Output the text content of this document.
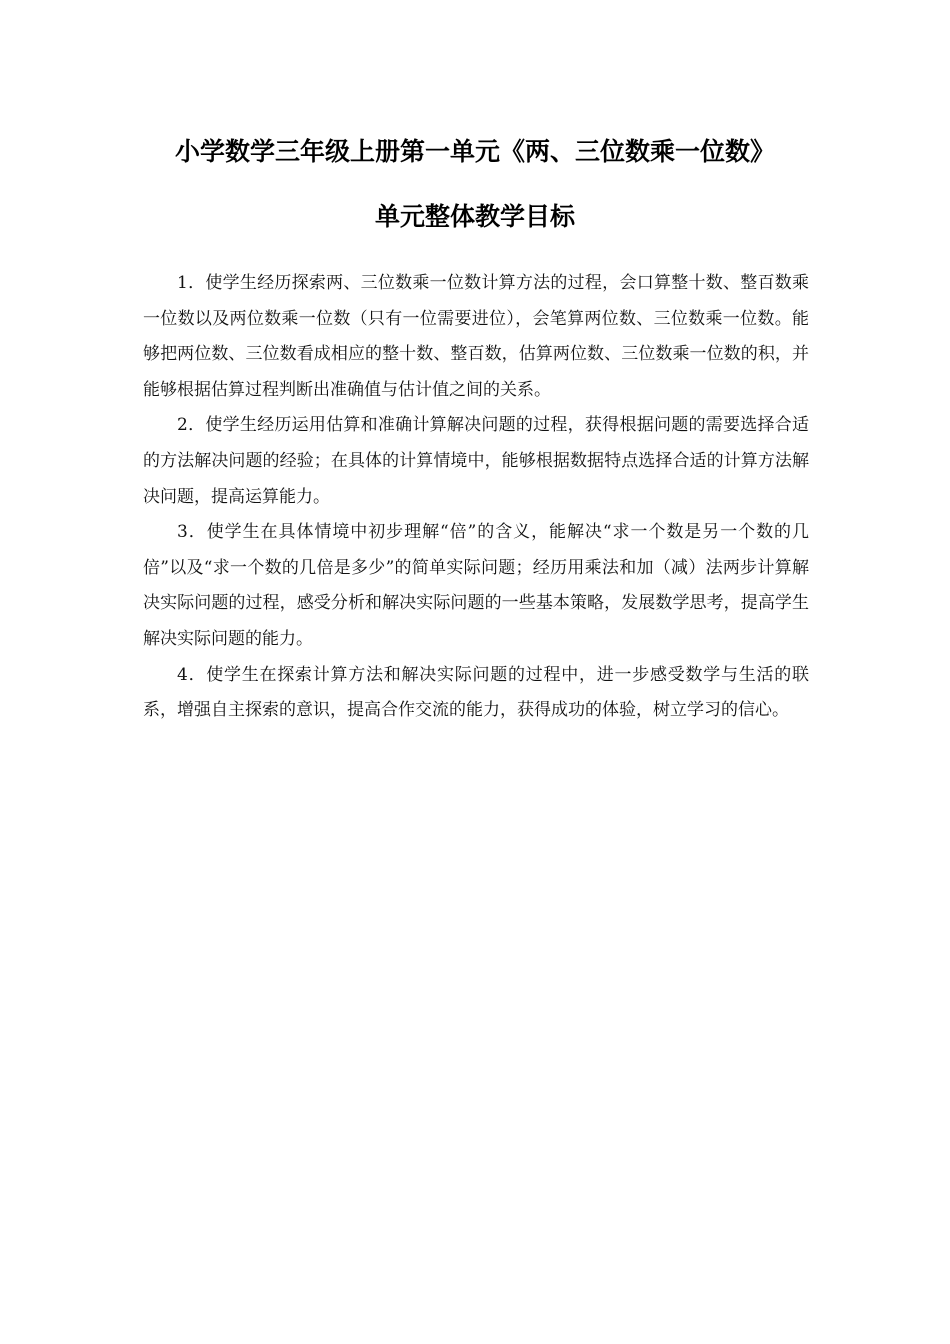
小学数学三年级上册第一单元《两、三位数乘一位数》
单元整体教学目标

1．使学生经历探索两、三位数乘一位数计算方法的过程，会口算整十数、整百数乘一位数以及两位数乘一位数（只有一位需要进位），会笔算两位数、三位数乘一位数。能够把两位数、三位数看成相应的整十数、整百数，估算两位数、三位数乘一位数的积，并能够根据估算过程判断出准确值与估计值之间的关系。

2．使学生经历运用估算和准确计算解决问题的过程，获得根据问题的需要选择合适的方法解决问题的经验；在具体的计算情境中，能够根据数据特点选择合适的计算方法解决问题，提高运算能力。

3．使学生在具体情境中初步理解“倍”的含义，能解决“求一个数是另一个数的几倍”以及“求一个数的几倍是多少”的简单实际问题；经历用乘法和加（减）法两步计算解决实际问题的过程，感受分析和解决实际问题的一些基本策略，发展数学思考，提高学生解决实际问题的能力。

4．使学生在探索计算方法和解决实际问题的过程中，进一步感受数学与生活的联系，增强自主探索的意识，提高合作交流的能力，获得成功的体验，树立学习的信心。
